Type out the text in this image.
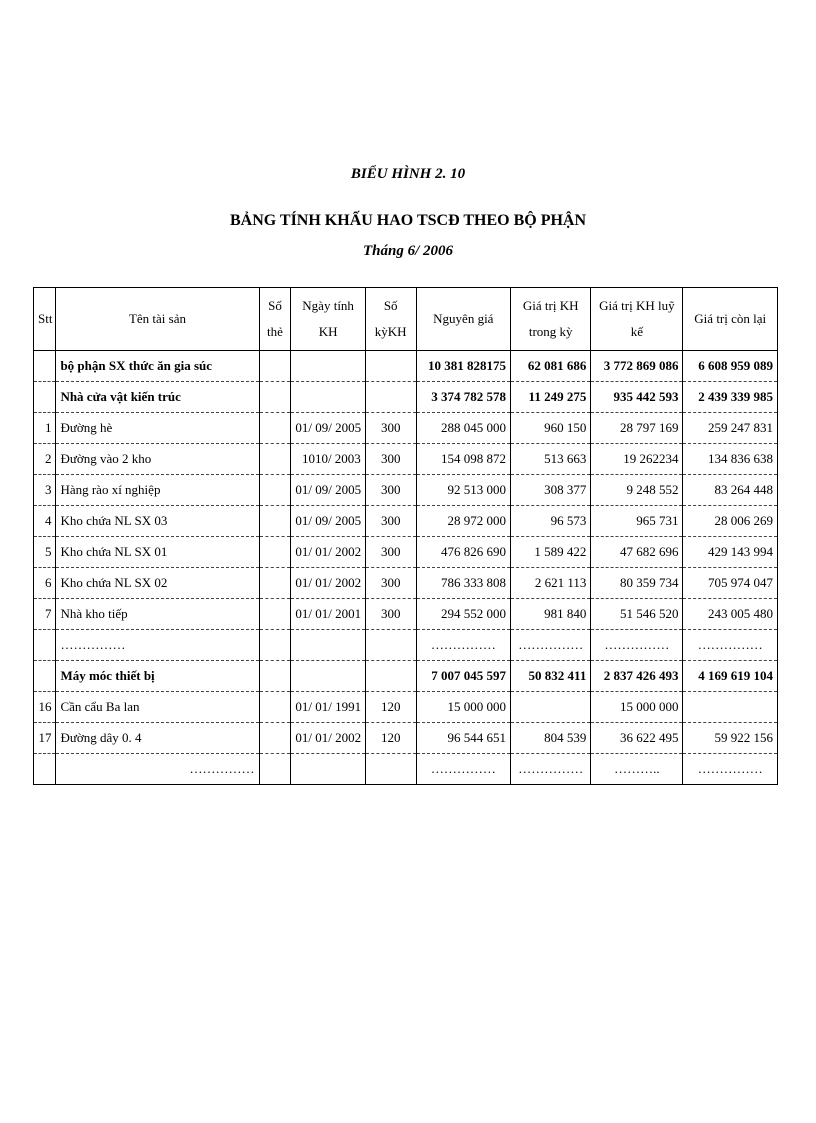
BIỂU HÌNH 2. 10
BẢNG TÍNH KHẤU HAO TSCĐ THEO BỘ PHẬN
Tháng 6/ 2006
Stt	Tên tài sản	Số thẻ	Ngày tính KH	Số kỳKH	Nguyên giá	Giá trị KH trong kỳ	Giá trị KH luỹ kế	Giá trị còn lại
	bộ phận SX thức ăn gia súc				10 381 828175	62 081 686	3 772 869 086	6 608 959 089
	Nhà cửa vật kiến trúc				3 374 782 578	11 249 275	935 442 593	2 439 339 985
1	Đường hè		01/ 09/ 2005	300	288 045 000	960 150	28 797 169	259 247 831
2	Đường vào 2 kho		1010/ 2003	300	154 098 872	513 663	19 262234	134 836 638
3	Hàng rào xí nghiệp		01/ 09/ 2005	300	92 513 000	308 377	9 248 552	83 264 448
4	Kho chứa NL SX 03		01/ 09/ 2005	300	28 972 000	96 573	965 731	28 006 269
5	Kho chứa NL SX 01		01/ 01/ 2002	300	476 826 690	1 589 422	47 682 696	429 143 994
6	Kho chứa NL SX 02		01/ 01/ 2002	300	786 333 808	2 621 113	80 359 734	705 974 047
7	Nhà kho tiếp		01/ 01/ 2001	300	294 552 000	981 840	51 546 520	243 005 480
	……………				……………	……………	……………	……………
	Máy móc thiết bị				7 007 045 597	50 832 411	2 837 426 493	4 169 619 104
16	Cần cẩu Ba lan		01/ 01/ 1991	120	15 000 000		15 000 000	
17	Đường dây 0. 4		01/ 01/ 2002	120	96 544 651	804 539	36 622 495	59 922 156
	……………				……………	……………	………..	……………
